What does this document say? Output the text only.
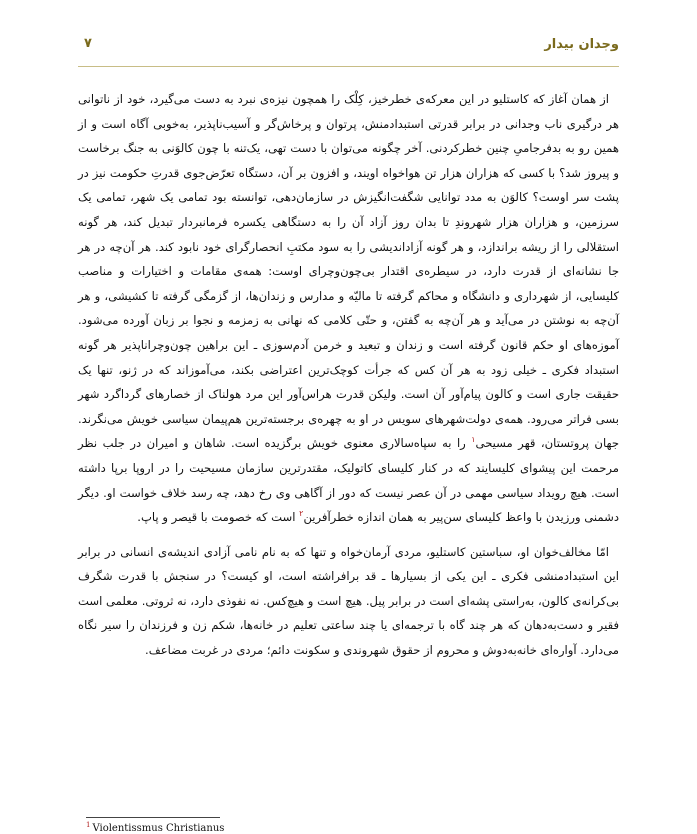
وجدان بیدار
۷

از همان آغاز که کاستلیو در این معرکه‌ی خطرخیز، کِلْک را همچون نیزه‌ی نبرد به دست می‌گیرد، خود از ناتوانی هر درگیری ناب وجدانی در برابر قدرتی استبدادمنش، پرتوان و پرخاش‌گر و آسیب‌ناپذیر، به‌خوبی آگاه است و از همین رو به بدفرجامیِ چنین خطرکردنی. آخر چگونه می‌توان با دست تهی، یک‌تنه با چون کالوَنی به جنگ برخاست و پیروز شد؟ با کسی که هزاران هزار تن هواخواه اویند، و افزون بر آن، دستگاه تعرّض‌جوی قدرتِ حکومت نیز در پشت سر اوست؟ کالوَن به مدد توانایی شگفت‌انگیزش در سازمان‌دهی، توانسته بود تمامی یک شهر، تمامی یک سرزمین، و هزاران هزار شهروندِ تا بدان روز آزاد آن را به دستگاهی یکسره فرمانبردار تبدیل کند، هر گونه استقلالی را از ریشه براندازد، و هر گونه آزاداندیشی را به سود مکتبِ انحصارگرای خود نابود کند. هر آن‌چه در هر جا نشانه‌ای از قدرت دارد، در سیطره‌ی اقتدار بی‌چون‌وچرای اوست: همه‌ی مقامات و اختیارات و مناصب کلیسایی، از شهرداری و دانشگاه و محاکم گرفته تا مالیّه و مدارس و زندان‌ها، از گزمگی گرفته تا کشیشی، و هر آن‌چه به نوشتن در می‌آید و هر آن‌چه به گفتن، و حتّی کلامی که نهانی به زمزمه و نجوا بر زبان آورده می‌شود. آموزه‌های او حکم قانون گرفته است و زندان و تبعید و خرمن آدم‌سوزی ـ این براهین چون‌وچراناپذیر هر گونه استبداد فکری ـ خیلی زود به هر آن کس که جرأت کوچک‌ترین اعتراضی بکند، می‌آموزاند که در ژنو، تنها یک حقیقت جاری است و کالون پیام‌آور آن است. ولیکن قدرت هراس‌آور این مرد هولناک از خصارهای گرداگرد شهر بسی فراتر می‌رود. همه‌ی دولت‌شهرهای سویس در او به چهره‌ی برجسته‌ترین هم‌پیمان سیاسی خویش می‌نگرند. جهان پروتستان، قهر مسیحی$^۱$ را به سپاه‌سالاری معنوی خویش برگزیده است. شاهان و امیران در جلب نظر مرحمت این پیشوای کلیسایند که در کنار کلیسای کاتولیک، مقتدرترین سازمان مسیحیت را در اروپا برپا داشته است. هیچ رویداد سیاسی مهمی در آن عصر نیست که دور از آگاهی وی رخ دهد، چه رسد خلاف خواست او. دیگر دشمنی ورزیدن با واعظ کلیسای سن‌پیر به همان اندازه خطرآفرین$^۲$ است که خصومت با قیصر و پاپ.

امّا مخالف‌خوان او، سباستین کاستلیو، مردی آرمان‌خواه و تنها که به نام نامی آزادی اندیشه‌ی انسانی در برابر این استبدادمنشی فکری ـ این یکی از بسیارها ـ قد برافراشته است، او کیست؟ در سنجش با قدرت شگرف بی‌کرانه‌ی کالون، به‌راستی پشه‌ای است در برابر پیل. هیچ است و هیچ‌کس. نه نفوذی دارد، نه ثروتی. معلمی است فقیر و دست‌به‌دهان که هر چند گاه با ترجمه‌ای یا چند ساعتی تعلیم در خانه‌ها، شکم زن و فرزندان را سیر نگاه می‌دارد. آواره‌ای خانه‌به‌دوش و محروم از حقوق شهروندی و سکونت دائم؛ مردی در غربت مضاعف.

$^1$ Violentissmus Christianus
